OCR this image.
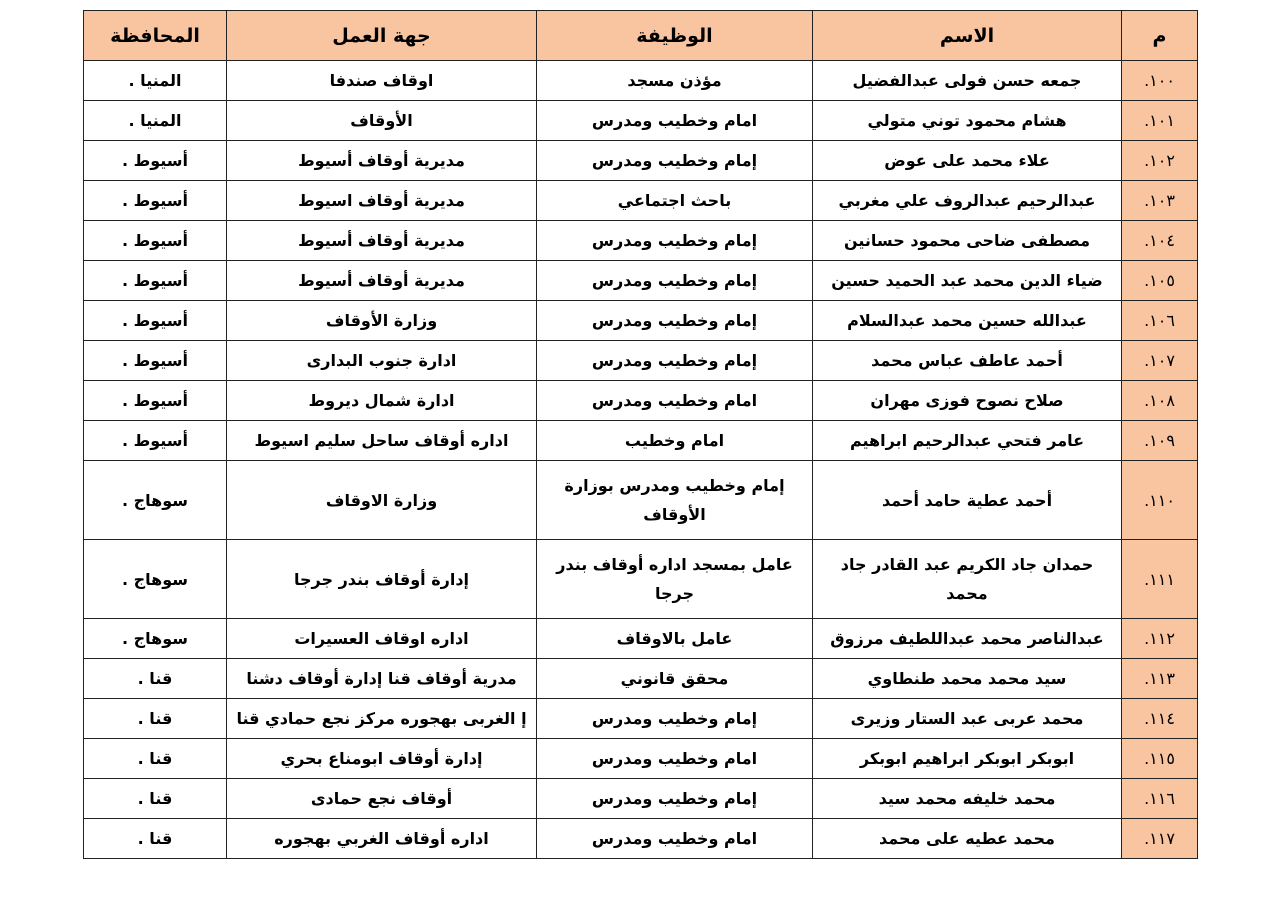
م	الاسم	الوظيفة	جهة العمل	المحافظة
١٠٠.	جمعه حسن فولى عبدالفضيل	مؤذن مسجد	اوقاف صندفا	المنيا .
١٠١.	هشام محمود توني متولي	امام وخطيب ومدرس	الأوقاف	المنيا .
١٠٢.	علاء محمد على عوض	إمام وخطيب ومدرس	مديرية أوقاف أسيوط	أسيوط .
١٠٣.	عبدالرحيم عبدالروف علي مغربي	باحث اجتماعي	مديرية أوقاف اسيوط	أسيوط .
١٠٤.	مصطفى ضاحى محمود حسانين	إمام وخطيب ومدرس	مديرية أوقاف أسيوط	أسيوط .
١٠٥.	ضياء الدين محمد عبد الحميد حسين	إمام وخطيب ومدرس	مديرية أوقاف أسيوط	أسيوط .
١٠٦.	عبدالله حسين محمد عبدالسلام	إمام وخطيب ومدرس	وزارة الأوقاف	أسيوط .
١٠٧.	أحمد عاطف عباس محمد	إمام وخطيب ومدرس	ادارة جنوب البدارى	أسيوط .
١٠٨.	صلاح نصوح فوزى مهران	امام وخطيب ومدرس	ادارة شمال ديروط	أسيوط .
١٠٩.	عامر فتحي عبدالرحيم ابراهيم	امام وخطيب	اداره أوقاف ساحل سليم اسيوط	أسيوط .
١١٠.	أحمد عطية حامد أحمد	إمام وخطيب ومدرس بوزارة الأوقاف	وزارة الاوقاف	سوهاج .
١١١.	حمدان جاد الكريم عبد القادر جاد محمد	عامل بمسجد اداره أوقاف بندر جرجا	إدارة أوقاف بندر جرجا	سوهاج .
١١٢.	عبدالناصر محمد عبداللطيف مرزوق	عامل بالاوقاف	اداره اوقاف العسيرات	سوهاج .
١١٣.	سيد محمد محمد طنطاوي	محقق قانوني	مدرية أوقاف قنا إدارة أوقاف دشنا	قنا .
١١٤.	محمد عربى عبد الستار وزيرى	إمام وخطيب ومدرس	إ الغربى بهجوره مركز نجع حمادي قنا	قنا .
١١٥.	ابوبكر ابوبكر ابراهيم ابوبكر	امام وخطيب ومدرس	إدارة أوقاف ابومناع بحري	قنا .
١١٦.	محمد خليفه محمد سيد	إمام وخطيب ومدرس	أوقاف نجع حمادى	قنا .
١١٧.	محمد عطيه على محمد	امام وخطيب ومدرس	اداره أوقاف الغربي بهجوره	قنا .
